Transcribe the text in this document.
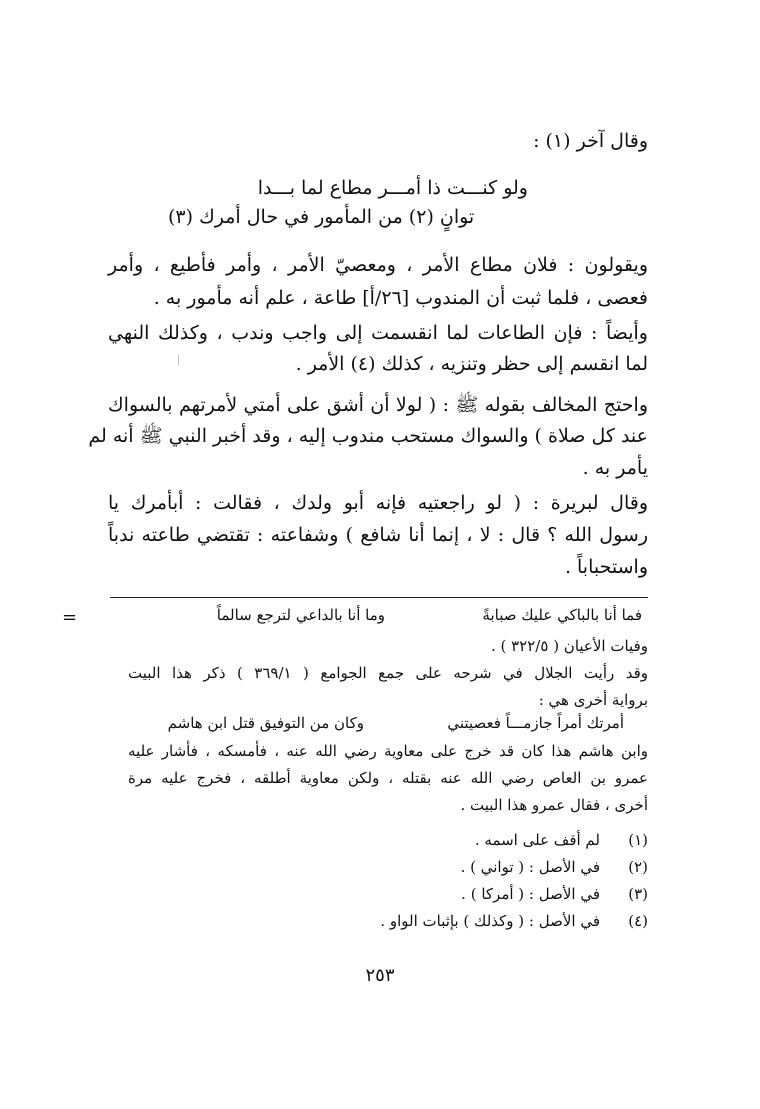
وقال آخر (١) :
ولو كنـــت ذا أمـــر مطاع لما بـــدا
توانٍ (٢) من المأمور في حال أمرك (٣)
ويقولون : فلان مطاع الأمر ، ومعصيّ الأمر ، وأمر فأطيع ، وأمر
فعصى ، فلما ثبت أن المندوب [٢٦/أ] طاعة ، علم أنه مأمور به .
وأيضاً : فإن الطاعات لما انقسمت إلى واجب وندب ، وكذلك النهي
لما انقسم إلى حظر وتنزيه ، كذلك (٤) الأمر .
واحتج المخالف بقوله ﷺ : ( لولا أن أشق على أمتي لأمرتهم بالسواك
عند كل صلاة ) والسواك مستحب مندوب إليه ، وقد أخبر النبي ﷺ أنه لم
يأمر به .
وقال لبريرة : ( لو راجعتيه فإنه أبو ولدك ، فقالت : أبأمرك يا
رسول الله ؟ قال : لا ، إنما أنا شافع ) وشفاعته : تقتضي طاعته ندباً
واستحباباً .
=	فما أنا بالباكي عليك صبابةً
وما أنا بالداعي لترجع سالماً
وفيات الأعيان ( ٣٢٢/٥ ) .
وقد رأيت الجلال في شرحه على جمع الجوامع ( ٣٦٩/١ ) ذكر هذا البيت
برواية أخرى هي :
أمرتك أمراً جازمـــاً فعصيتني
وكان من التوفيق قتل ابن هاشم
وابن هاشم هذا كان قد خرج على معاوية رضي الله عنه ، فأمسكه ، فأشار عليه
عمرو بن العاص رضي الله عنه بقتله ، ولكن معاوية أطلقه ، فخرج عليه مرة
أخرى ، فقال عمرو هذا البيت .
(١)
لم أقف على اسمه .
(٢)
في الأصل : ( تواني ) .
(٣)
في الأصل : ( أمركا ) .
(٤)
في الأصل : ( وكذلك ) بإثبات الواو .
٢٥٣
